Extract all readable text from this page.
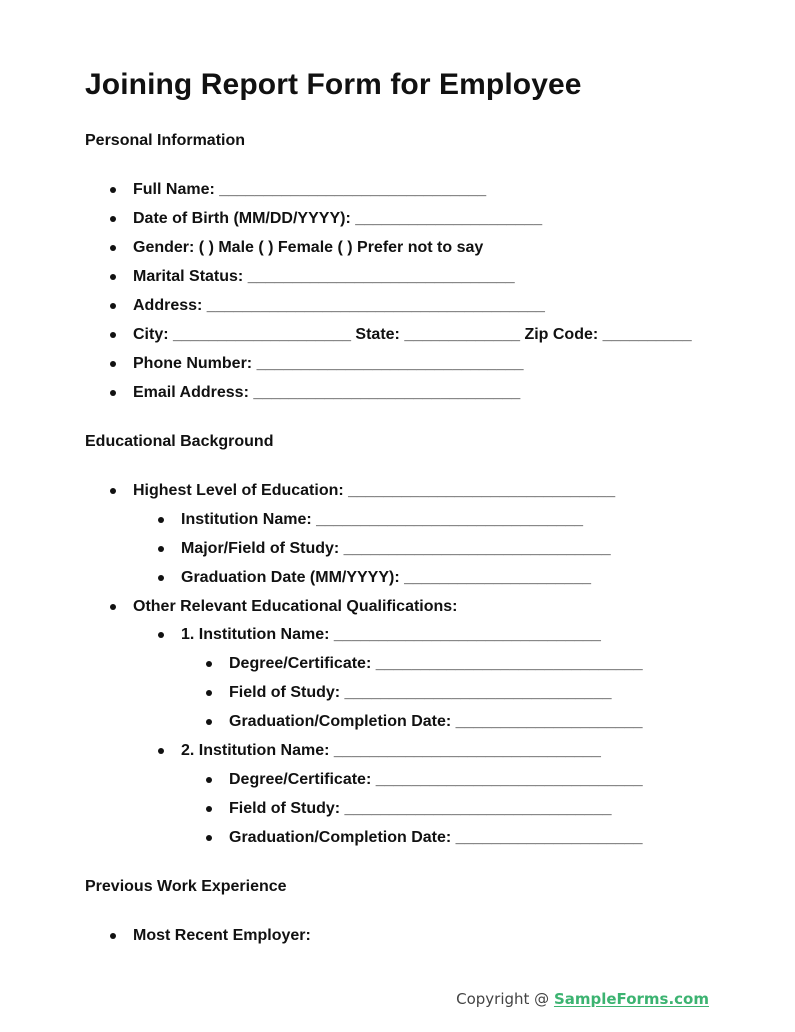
Joining Report Form for Employee
Personal Information
Full Name: ______________________________
Date of Birth (MM/DD/YYYY): _____________________
Gender: ( ) Male ( ) Female ( ) Prefer not to say
Marital Status: ______________________________
Address: ______________________________________
City: ____________________ State: _____________ Zip Code: __________
Phone Number: ______________________________
Email Address: ______________________________
Educational Background
Highest Level of Education: ______________________________
Institution Name: ______________________________
Major/Field of Study: ______________________________
Graduation Date (MM/YYYY): _____________________
Other Relevant Educational Qualifications:
1. Institution Name: ______________________________
Degree/Certificate: ______________________________
Field of Study: ______________________________
Graduation/Completion Date: _____________________
2. Institution Name: ______________________________
Degree/Certificate: ______________________________
Field of Study: ______________________________
Graduation/Completion Date: _____________________
Previous Work Experience
Most Recent Employer:
Copyright @ SampleForms.com
